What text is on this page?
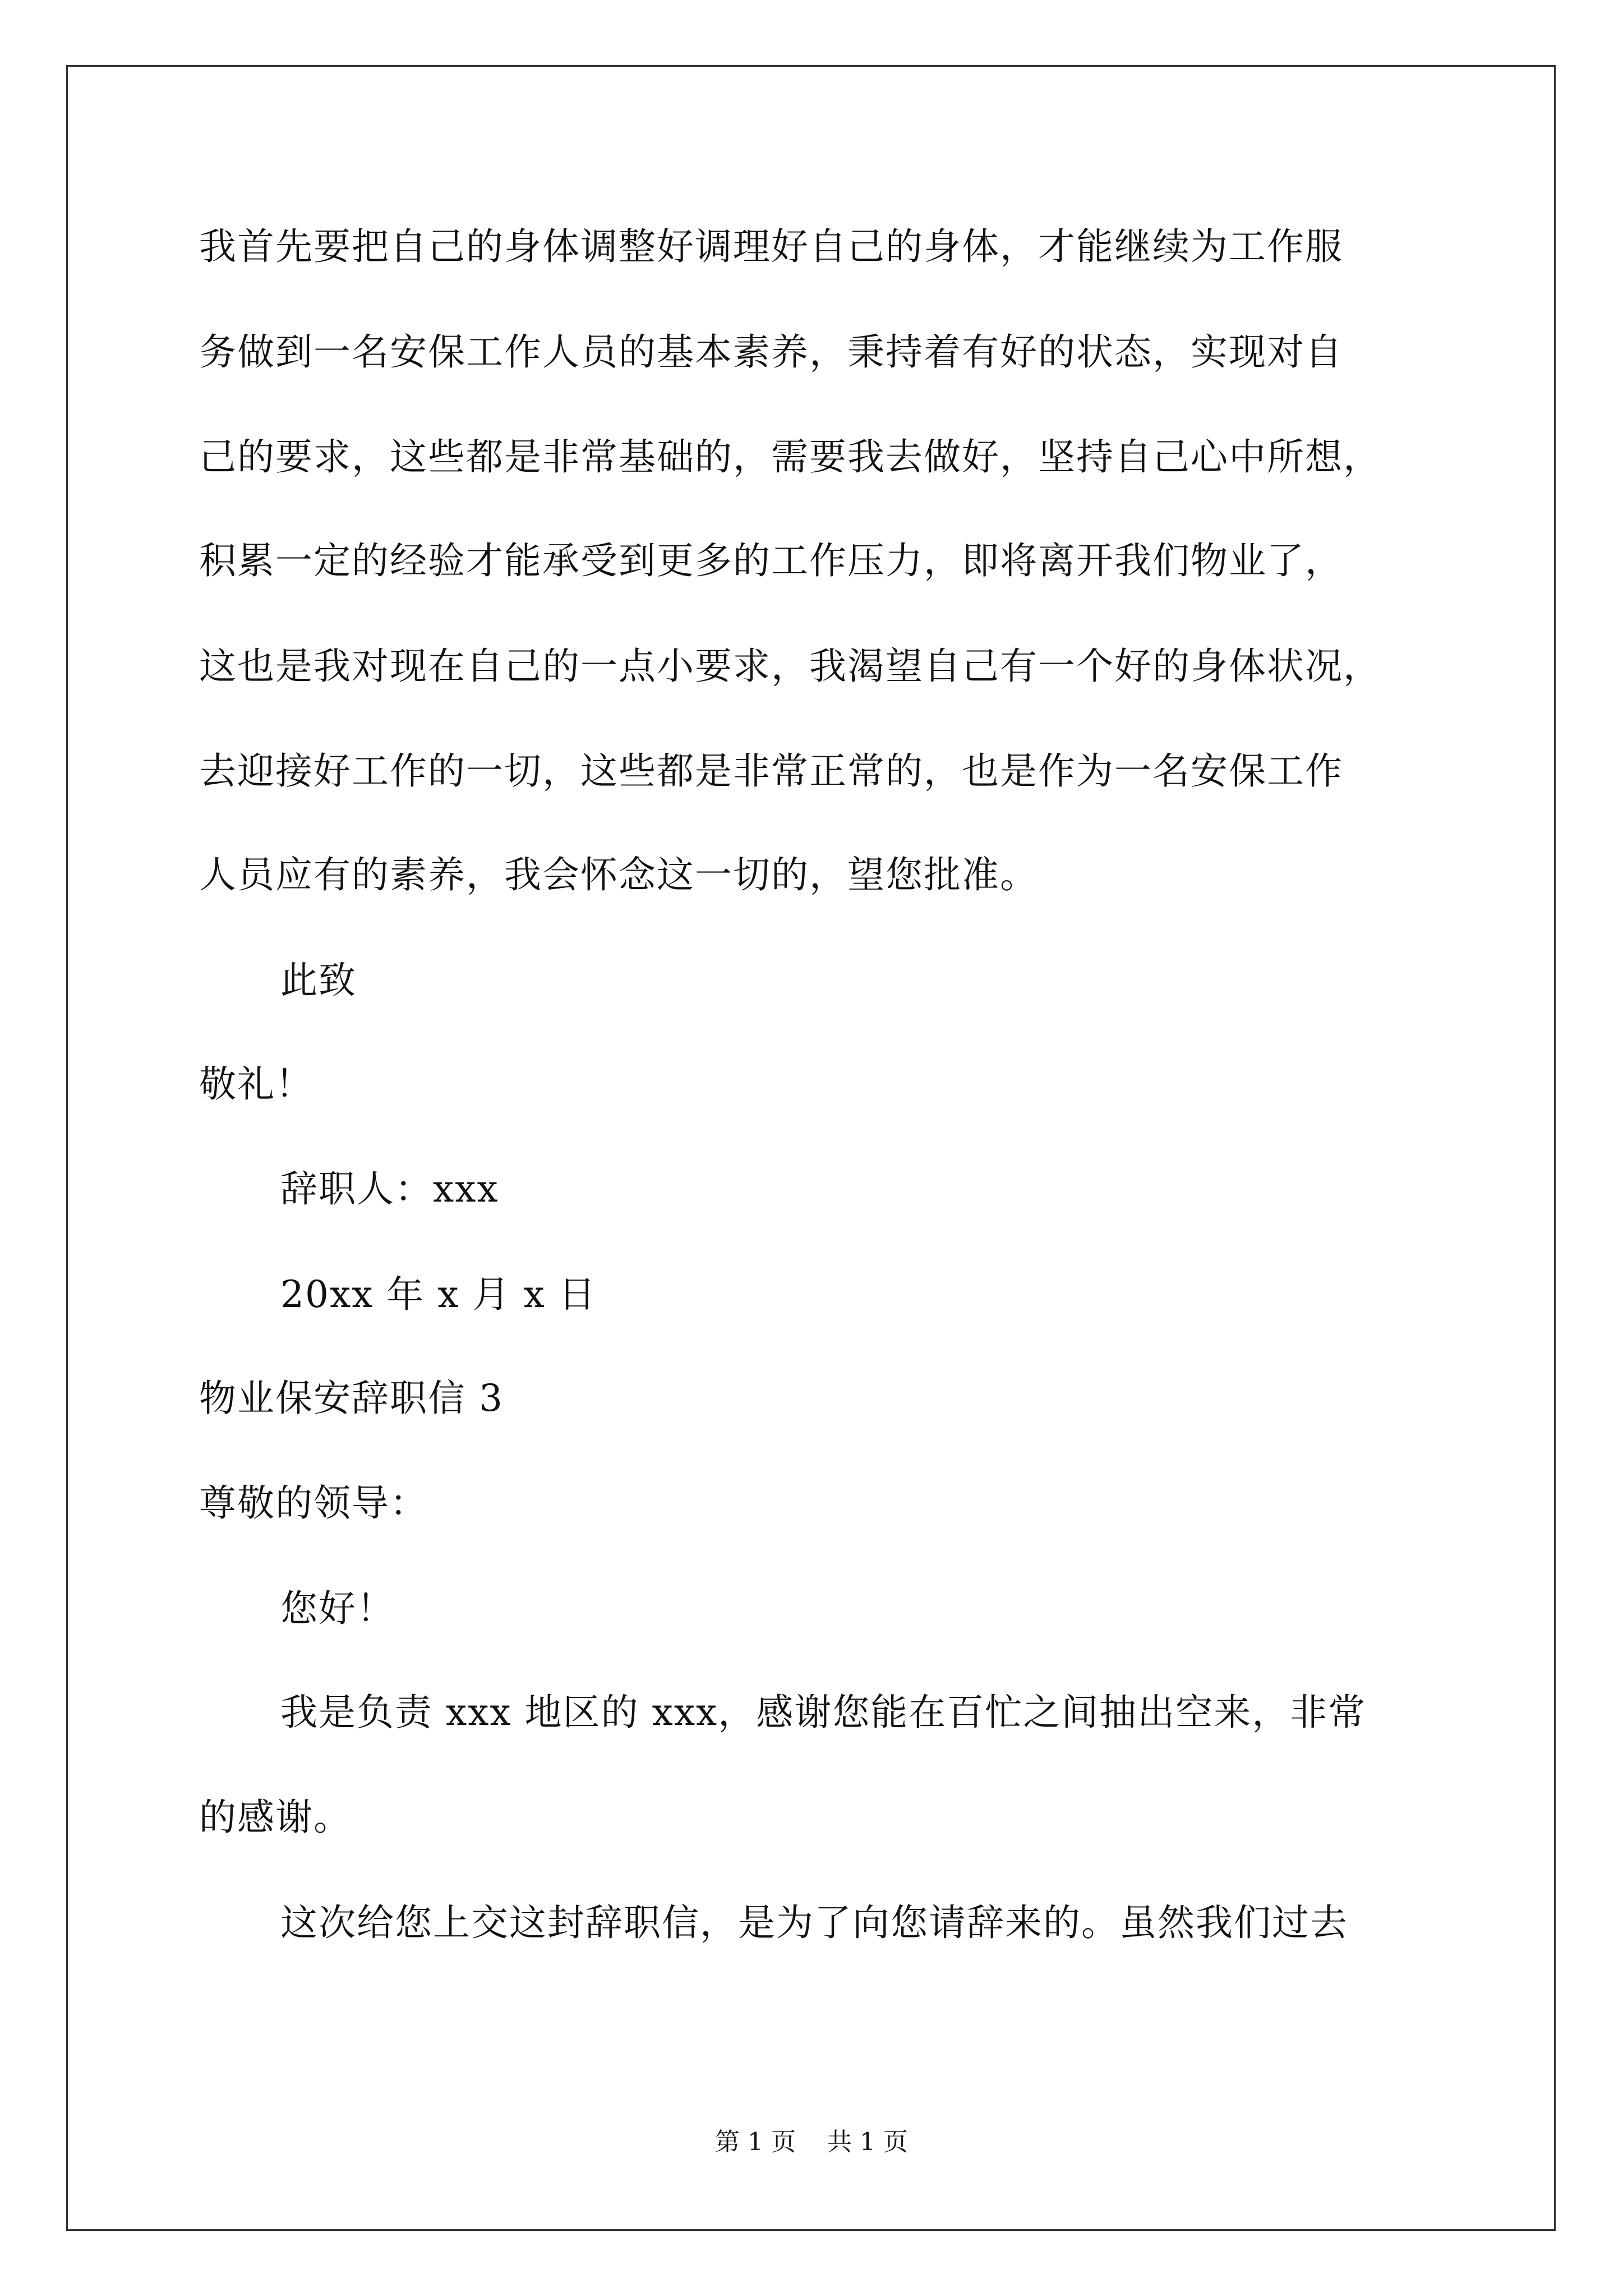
我首先要把自己的身体调整好调理好自己的身体，才能继续为工作服
务做到一名安保工作人员的基本素养，秉持着有好的状态，实现对自
己的要求，这些都是非常基础的，需要我去做好，坚持自己心中所想，
积累一定的经验才能承受到更多的工作压力，即将离开我们物业了，
这也是我对现在自己的一点小要求，我渴望自己有一个好的身体状况，
去迎接好工作的一切，这些都是非常正常的，也是作为一名安保工作
人员应有的素养，我会怀念这一切的，望您批准。
此致
敬礼！
辞职人：xxx
20xx 年 x 月 x 日
物业保安辞职信 3
尊敬的领导：
您好！
我是负责 xxx 地区的 xxx，感谢您能在百忙之间抽出空来，非常
的感谢。
这次给您上交这封辞职信，是为了向您请辞来的。虽然我们过去
第 1 页    共 1 页
